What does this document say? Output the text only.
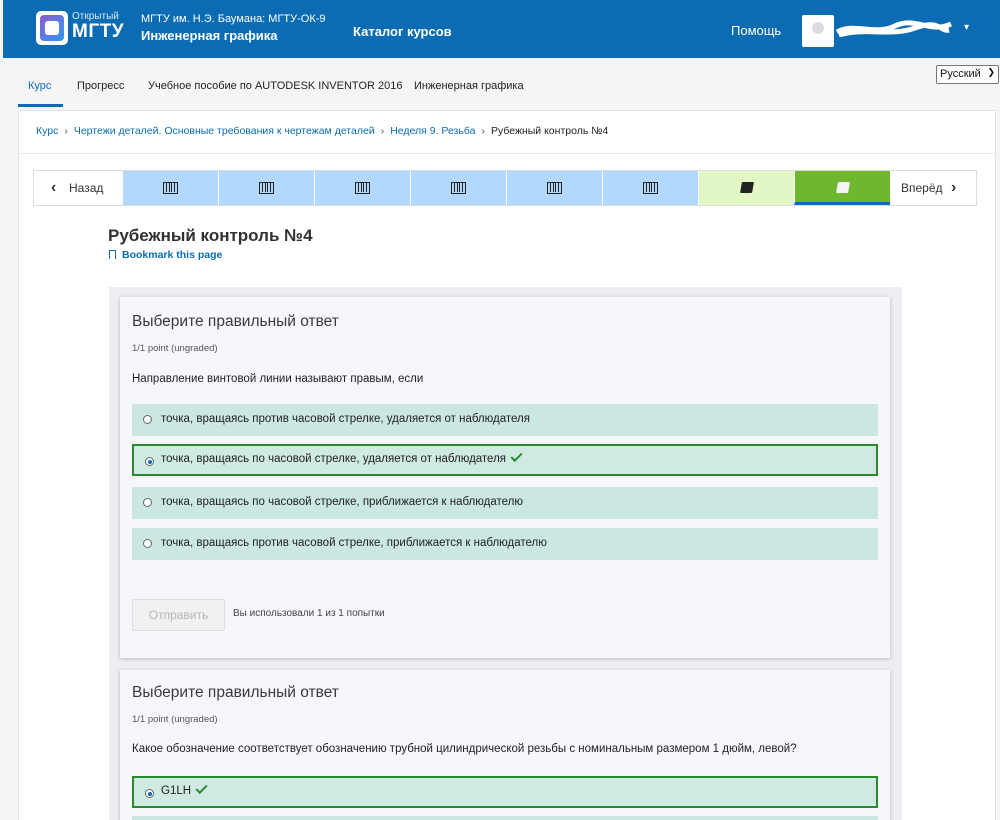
Открытый
МГТУ
МГТУ им. Н.Э. Баумана: МГТУ-ОК-9
Инженерная графика	Каталог курсов	Помощь	▾
Курс Прогресс Учебное пособие по AUTODESK INVENTOR 2016 Инженерная графика
Русский ❯
Курс › Чертежи деталей. Основные требования к чертежам деталей › Неделя 9. Резьба › Рубежный контроль №4
‹ Назад	Вперёд ›
Рубежный контроль №4
Bookmark this page
Выберите правильный ответ
1/1 point (ungraded)
Направление винтовой линии называют правым, если
точка, вращаясь против часовой стрелке, удаляется от наблюдателя
точка, вращаясь по часовой стрелке, удаляется от наблюдателя
точка, вращаясь по часовой стрелке, приближается к наблюдателю
точка, вращаясь против часовой стрелке, приближается к наблюдателю
Отправить	Вы использовали 1 из 1 попытки
Выберите правильный ответ
1/1 point (ungraded)
Какое обозначение соответствует обозначению трубной цилиндрической резьбы с номинальным размером 1 дюйм, левой?
G1LH
